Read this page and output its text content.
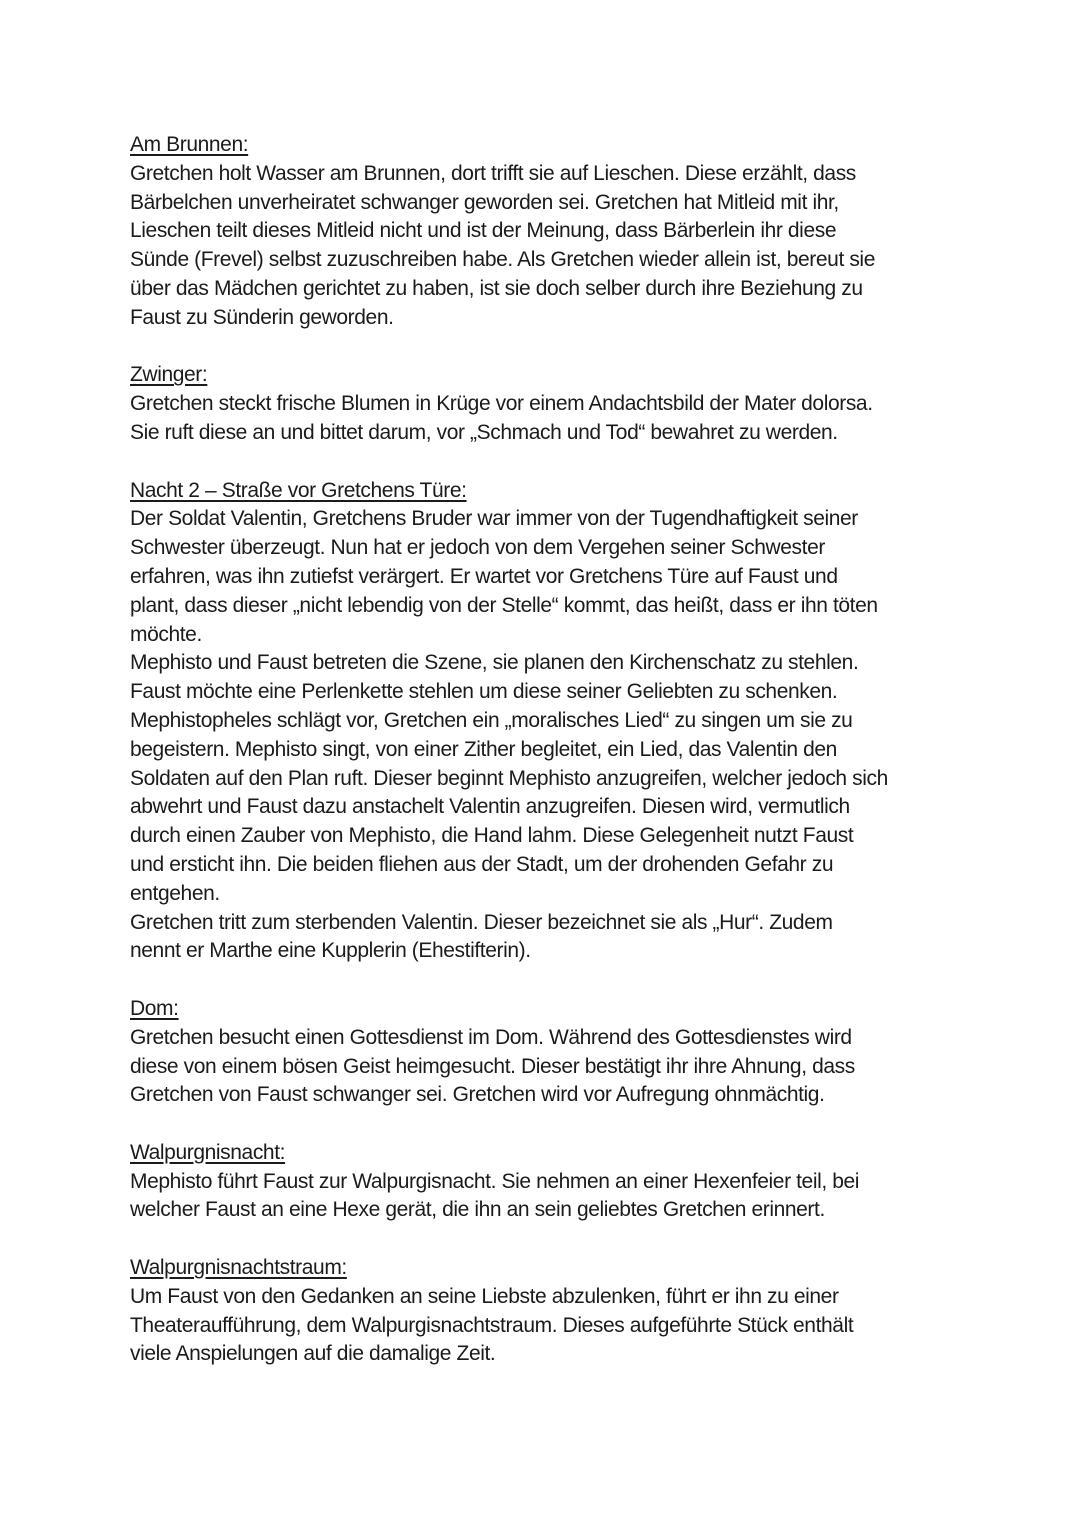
Am Brunnen:
Gretchen holt Wasser am Brunnen, dort trifft sie auf Lieschen. Diese erzählt, dass
Bärbelchen unverheiratet schwanger geworden sei. Gretchen hat Mitleid mit ihr,
Lieschen teilt dieses Mitleid nicht und ist der Meinung, dass Bärberlein ihr diese
Sünde (Frevel) selbst zuzuschreiben habe. Als Gretchen wieder allein ist, bereut sie
über das Mädchen gerichtet zu haben, ist sie doch selber durch ihre Beziehung zu
Faust zu Sünderin geworden.
Zwinger:
Gretchen steckt frische Blumen in Krüge vor einem Andachtsbild der Mater dolorsa.
Sie ruft diese an und bittet darum, vor „Schmach und Tod“ bewahret zu werden.
Nacht 2 – Straße vor Gretchens Türe:
Der Soldat Valentin, Gretchens Bruder war immer von der Tugendhaftigkeit seiner
Schwester überzeugt. Nun hat er jedoch von dem Vergehen seiner Schwester
erfahren, was ihn zutiefst verärgert. Er wartet vor Gretchens Türe auf Faust und
plant, dass dieser „nicht lebendig von der Stelle“ kommt, das heißt, dass er ihn töten
möchte.
Mephisto und Faust betreten die Szene, sie planen den Kirchenschatz zu stehlen.
Faust möchte eine Perlenkette stehlen um diese seiner Geliebten zu schenken.
Mephistopheles schlägt vor, Gretchen ein „moralisches Lied“ zu singen um sie zu
begeistern. Mephisto singt, von einer Zither begleitet, ein Lied, das Valentin den
Soldaten auf den Plan ruft. Dieser beginnt Mephisto anzugreifen, welcher jedoch sich
abwehrt und Faust dazu anstachelt Valentin anzugreifen. Diesen wird, vermutlich
durch einen Zauber von Mephisto, die Hand lahm. Diese Gelegenheit nutzt Faust
und ersticht ihn. Die beiden fliehen aus der Stadt, um der drohenden Gefahr zu
entgehen.
Gretchen tritt zum sterbenden Valentin. Dieser bezeichnet sie als „Hur“. Zudem
nennt er Marthe eine Kupplerin (Ehestifterin).
Dom:
Gretchen besucht einen Gottesdienst im Dom. Während des Gottesdienstes wird
diese von einem bösen Geist heimgesucht. Dieser bestätigt ihr ihre Ahnung, dass
Gretchen von Faust schwanger sei. Gretchen wird vor Aufregung ohnmächtig.
Walpurgnisnacht:
Mephisto führt Faust zur Walpurgisnacht. Sie nehmen an einer Hexenfeier teil, bei
welcher Faust an eine Hexe gerät, die ihn an sein geliebtes Gretchen erinnert.
Walpurgnisnachtstraum:
Um Faust von den Gedanken an seine Liebste abzulenken, führt er ihn zu einer
Theateraufführung, dem Walpurgisnachtstraum. Dieses aufgeführte Stück enthält
viele Anspielungen auf die damalige Zeit.
